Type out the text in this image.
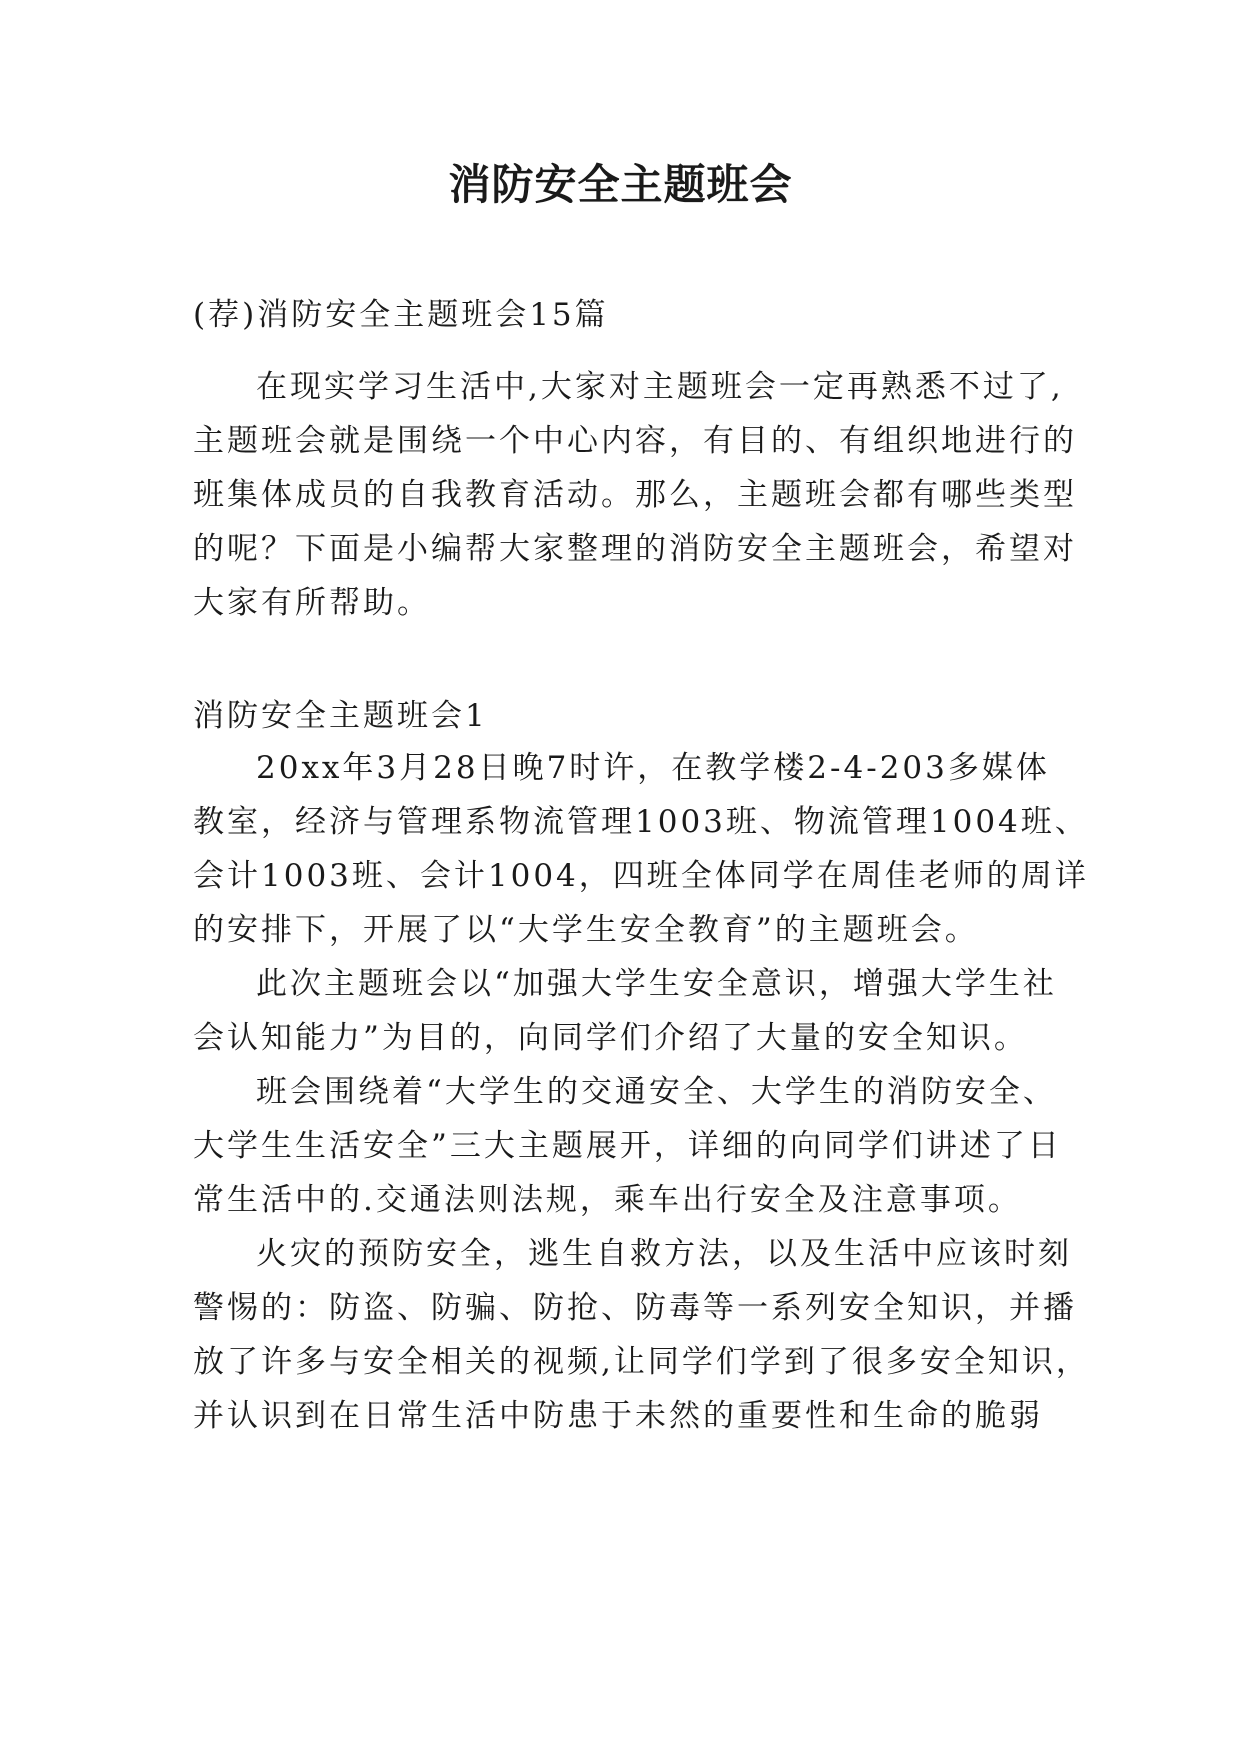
消防安全主题班会
(荐)消防安全主题班会15篇
在现实学习生活中,大家对主题班会一定再熟悉不过了,
主题班会就是围绕一个中心内容，有目的、有组织地进行的
班集体成员的自我教育活动。那么，主题班会都有哪些类型
的呢？下面是小编帮大家整理的消防安全主题班会，希望对
大家有所帮助。
消防安全主题班会1
20xx年3月28日晚7时许，在教学楼2-4-203多媒体
教室，经济与管理系物流管理1003班、物流管理1004班、
会计1003班、会计1004，四班全体同学在周佳老师的周详
的安排下，开展了以“大学生安全教育”的主题班会。
此次主题班会以“加强大学生安全意识，增强大学生社
会认知能力”为目的，向同学们介绍了大量的安全知识。
班会围绕着“大学生的交通安全、大学生的消防安全、
大学生生活安全”三大主题展开，详细的向同学们讲述了日
常生活中的.交通法则法规，乘车出行安全及注意事项。
火灾的预防安全，逃生自救方法，以及生活中应该时刻
警惕的：防盗、防骗、防抢、防毒等一系列安全知识，并播
放了许多与安全相关的视频,让同学们学到了很多安全知识，
并认识到在日常生活中防患于未然的重要性和生命的脆弱
